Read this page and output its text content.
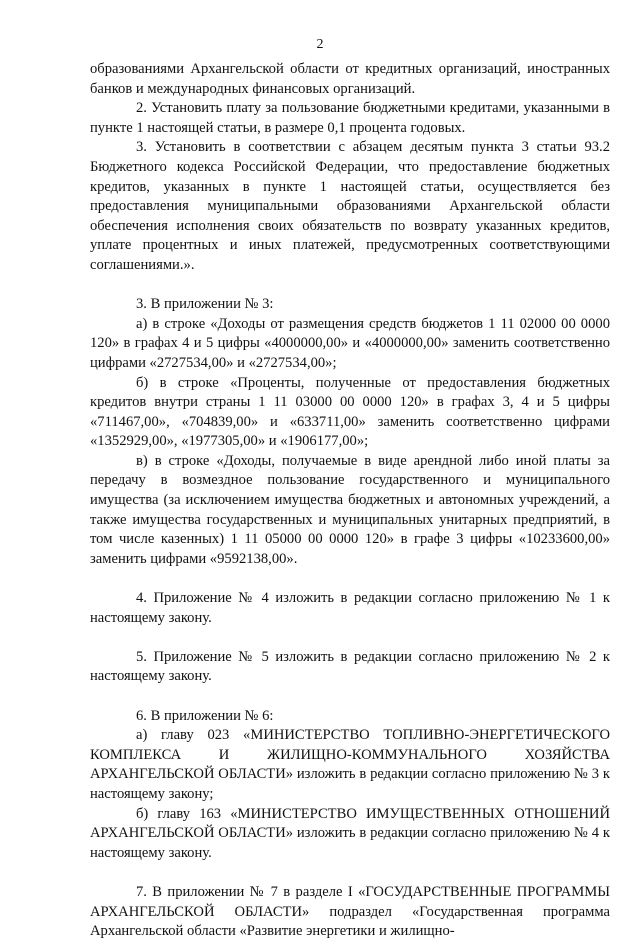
2

образованиями Архангельской области от кредитных организаций, иностранных банков и международных финансовых организаций.

2. Установить плату за пользование бюджетными кредитами, указанными в пункте 1 настоящей статьи, в размере 0,1 процента годовых.

3. Установить в соответствии с абзацем десятым пункта 3 статьи 93.2 Бюджетного кодекса Российской Федерации, что предоставление бюджетных кредитов, указанных в пункте 1 настоящей статьи, осуществляется без предоставления муниципальными образованиями Архангельской области обеспечения исполнения своих обязательств по возврату указанных кредитов, уплате процентных и иных платежей, предусмотренных соответствующими соглашениями.».

3. В приложении № 3:

а) в строке «Доходы от размещения средств бюджетов 1 11 02000 00 0000 120» в графах 4 и 5 цифры «4000000,00» и «4000000,00» заменить соответственно цифрами «2727534,00» и «2727534,00»;

б) в строке «Проценты, полученные от предоставления бюджетных кредитов внутри страны 1 11 03000 00 0000 120» в графах 3, 4 и 5 цифры «711467,00», «704839,00» и «633711,00» заменить соответственно цифрами «1352929,00», «1977305,00» и «1906177,00»;

в) в строке «Доходы, получаемые в виде арендной либо иной платы за передачу в возмездное пользование государственного и муниципального имущества (за исключением имущества бюджетных и автономных учреждений, а также имущества государственных и муниципальных унитарных предприятий, в том числе казенных) 1 11 05000 00 0000 120» в графе 3 цифры «10233600,00» заменить цифрами «9592138,00».

4. Приложение № 4 изложить в редакции согласно приложению № 1 к настоящему закону.

5. Приложение № 5 изложить в редакции согласно приложению № 2 к настоящему закону.

6. В приложении № 6:

а) главу 023 «МИНИСТЕРСТВО ТОПЛИВНО-ЭНЕРГЕТИЧЕСКОГО КОМПЛЕКСА И ЖИЛИЩНО-КОММУНАЛЬНОГО ХОЗЯЙСТВА АРХАНГЕЛЬСКОЙ ОБЛАСТИ» изложить в редакции согласно приложению № 3 к настоящему закону;

б) главу 163 «МИНИСТЕРСТВО ИМУЩЕСТВЕННЫХ ОТНОШЕНИЙ АРХАНГЕЛЬСКОЙ ОБЛАСТИ» изложить в редакции согласно приложению № 4 к настоящему закону.

7. В приложении № 7 в разделе I «ГОСУДАРСТВЕННЫЕ ПРОГРАММЫ АРХАНГЕЛЬСКОЙ ОБЛАСТИ» подраздел «Государственная программа Архангельской области «Развитие энергетики и жилищно-
